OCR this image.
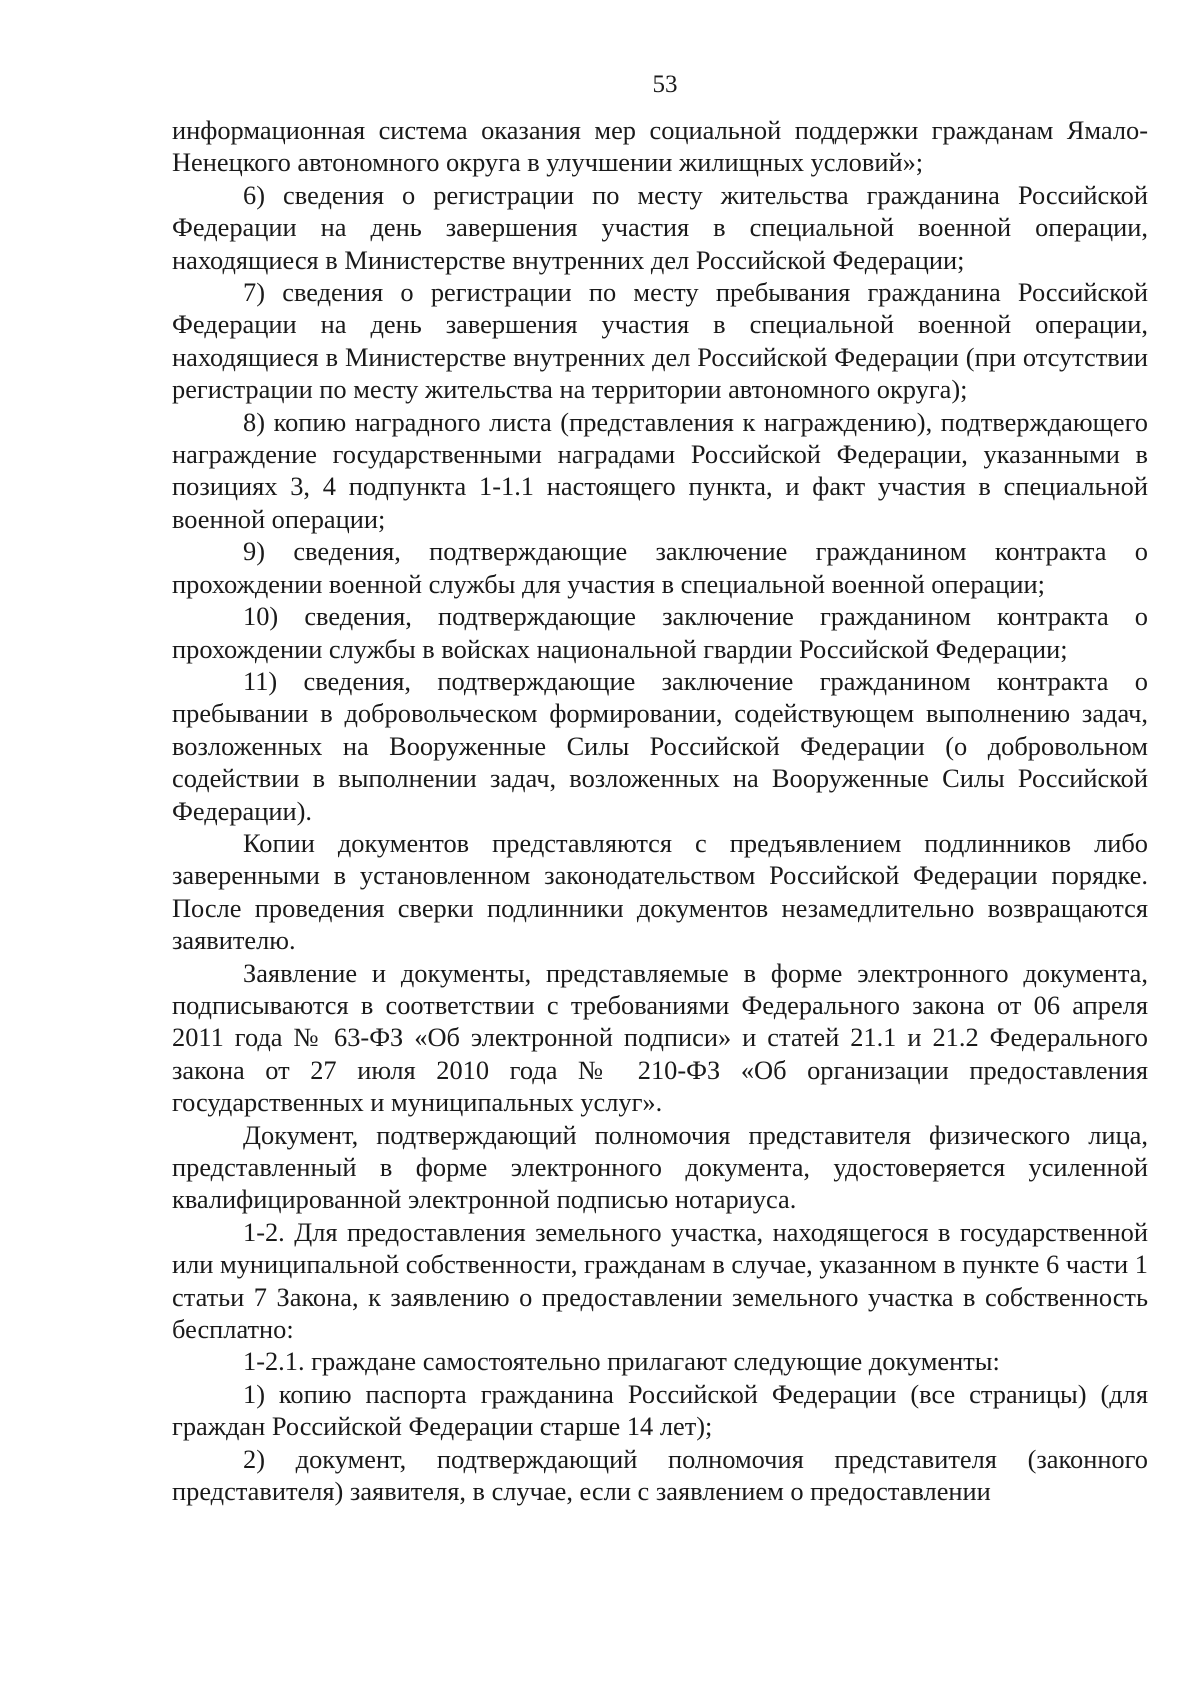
53

информационная система оказания мер социальной поддержки гражданам Ямало-Ненецкого автономного округа в улучшении жилищных условий»;

6) сведения о регистрации по месту жительства гражданина Российской Федерации на день завершения участия в специальной военной операции, находящиеся в Министерстве внутренних дел Российской Федерации;

7) сведения о регистрации по месту пребывания гражданина Российской Федерации на день завершения участия в специальной военной операции, находящиеся в Министерстве внутренних дел Российской Федерации (при отсутствии регистрации по месту жительства на территории автономного округа);

8) копию наградного листа (представления к награждению), подтверждающего награждение государственными наградами Российской Федерации, указанными в позициях 3, 4 подпункта 1-1.1 настоящего пункта, и факт участия в специальной военной операции;

9) сведения, подтверждающие заключение гражданином контракта о прохождении военной службы для участия в специальной военной операции;

10) сведения, подтверждающие заключение гражданином контракта о прохождении службы в войсках национальной гвардии Российской Федерации;

11) сведения, подтверждающие заключение гражданином контракта о пребывании в добровольческом формировании, содействующем выполнению задач, возложенных на Вооруженные Силы Российской Федерации (о добровольном содействии в выполнении задач, возложенных на Вооруженные Силы Российской Федерации).

Копии документов представляются с предъявлением подлинников либо заверенными в установленном законодательством Российской Федерации порядке. После проведения сверки подлинники документов незамедлительно возвращаются заявителю.

Заявление и документы, представляемые в форме электронного документа, подписываются в соответствии с требованиями Федерального закона от 06 апреля 2011 года № 63-ФЗ «Об электронной подписи» и статей 21.1 и 21.2 Федерального закона от 27 июля 2010 года № 210-ФЗ «Об организации предоставления государственных и муниципальных услуг».

Документ, подтверждающий полномочия представителя физического лица, представленный в форме электронного документа, удостоверяется усиленной квалифицированной электронной подписью нотариуса.

1-2. Для предоставления земельного участка, находящегося в государственной или муниципальной собственности, гражданам в случае, указанном в пункте 6 части 1 статьи 7 Закона, к заявлению о предоставлении земельного участка в собственность бесплатно:

1-2.1. граждане самостоятельно прилагают следующие документы:

1) копию паспорта гражданина Российской Федерации (все страницы) (для граждан Российской Федерации старше 14 лет);

2) документ, подтверждающий полномочия представителя (законного представителя) заявителя, в случае, если с заявлением о предоставлении
